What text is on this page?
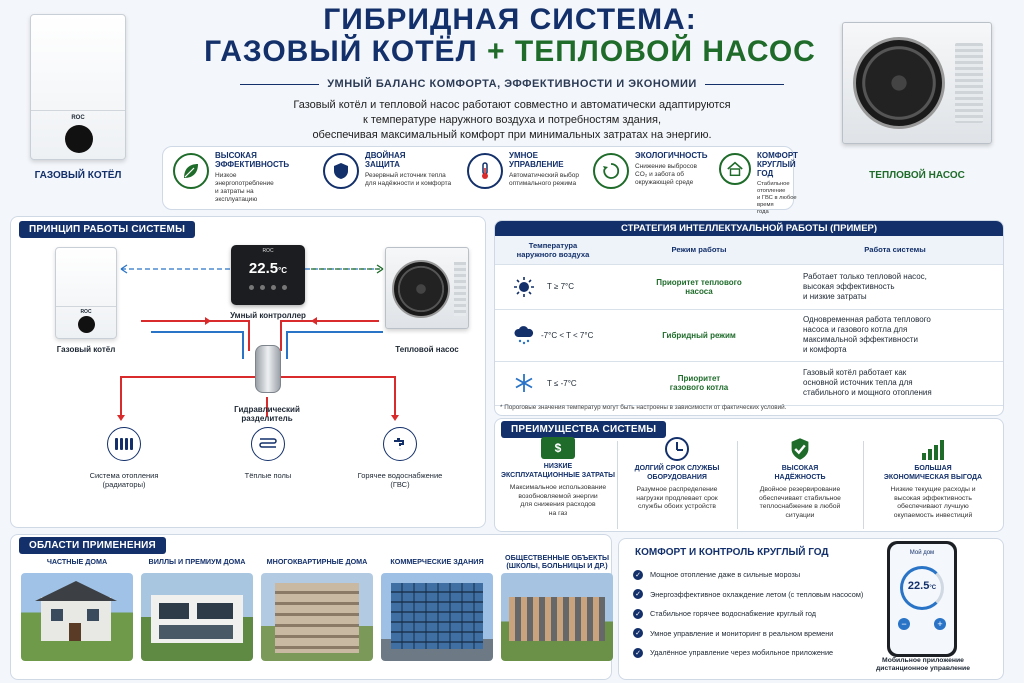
ROC
ГАЗОВЫЙ КОТЁЛ	ТЕПЛОВОЙ НАСОС
ГИБРИДНАЯ СИСТЕМА:
ГАЗОВЫЙ КОТЁЛ + ТЕПЛОВОЙ НАСОС
УМНЫЙ БАЛАНС КОМФОРТА, ЭФФЕКТИВНОСТИ И ЭКОНОМИИ
Газовый котёл и тепловой насос работают совместно и автоматически адаптируются
к температуре наружного воздуха и потребностям здания,
обеспечивая максимальный комфорт при минимальных затратах на энергию.
ВЫСОКАЯ
ЭФФЕКТИВНОСТЬ

Низкое энергопотребление
и затраты на эксплуатацию

ДВОЙНАЯ
ЗАЩИТА

Резервный источник тепла
для надёжности и комфорта

УМНОЕ
УПРАВЛЕНИЕ

Автоматический выбор
оптимального режима

ЭКОЛОГИЧНОСТЬ

Снижение выбросов
CO₂ и забота об
окружающей среде

КОМФОРТ
КРУГЛЫЙ ГОД

Стабильное отопление
и ГВС в любое время
года

ПРИНЦИП РАБОТЫ СИСТЕМЫ
ROC
Газовый котёл
ROC
22.5°C
Умный контроллер
Тепловой насос
Гидравлический
разделитель
Система отопления
(радиаторы)
Тёплые полы	Горячее водоснабжение
(ГВС)
СТРАТЕГИЯ ИНТЕЛЛЕКТУАЛЬНОЙ РАБОТЫ (ПРИМЕР)
Температура
наружного воздуха	Режим работы	Работа системы

T ≥ 7°C	Приоритет теплового
насоса	Работает только тепловой насос,
высокая эффективность
и низкие затраты

-7°C < T < 7°C	Гибридный режим	Одновременная работа теплового
насоса и газового котла для
максимальной эффективности
и комфорта

T ≤ -7°C	Приоритет
газового котла	Газовый котёл работает как
основной источник тепла для
стабильного и мощного отопления
* Пороговые значения температур могут быть настроены в зависимости от фактических условий.
ПРЕИМУЩЕСТВА СИСТЕМЫ
$
НИЗКИЕ
ЭКСПЛУАТАЦИОННЫЕ ЗАТРАТЫ

Максимальное использование
возобновляемой энергии
для снижения расходов
на газ

ДОЛГИЙ СРОК СЛУЖБЫ
ОБОРУДОВАНИЯ

Разумное распределение
нагрузки продлевает срок
службы обоих устройств

ВЫСОКАЯ
НАДЁЖНОСТЬ

Двойное резервирование
обеспечивает стабильное
теплоснабжение в любой
ситуации

БОЛЬШАЯ
ЭКОНОМИЧЕСКАЯ ВЫГОДА

Низкие текущие расходы и
высокая эффективность
обеспечивают лучшую
окупаемость инвестиций

ОБЛАСТИ ПРИМЕНЕНИЯ
ЧАСТНЫЕ ДОМА	ВИЛЛЫ И ПРЕМИУМ ДОМА	МНОГОКВАРТИРНЫЕ ДОМА	КОММЕРЧЕСКИЕ ЗДАНИЯ	ОБЩЕСТВЕННЫЕ ОБЪЕКТЫ
(ШКОЛЫ, БОЛЬНИЦЫ И ДР.)
КОМФОРТ И КОНТРОЛЬ КРУГЛЫЙ ГОД
✓ Мощное отопление даже в сильные морозы
✓ Энергоэффективное охлаждение летом (с тепловым насосом)
✓ Стабильное горячее водоснабжение круглый год
✓ Умное управление и мониторинг в реальном времени
✓ Удалённое управление через мобильное приложение
Мой дом
22.5°C
−	+
Мобильное приложение
дистанционное управление
